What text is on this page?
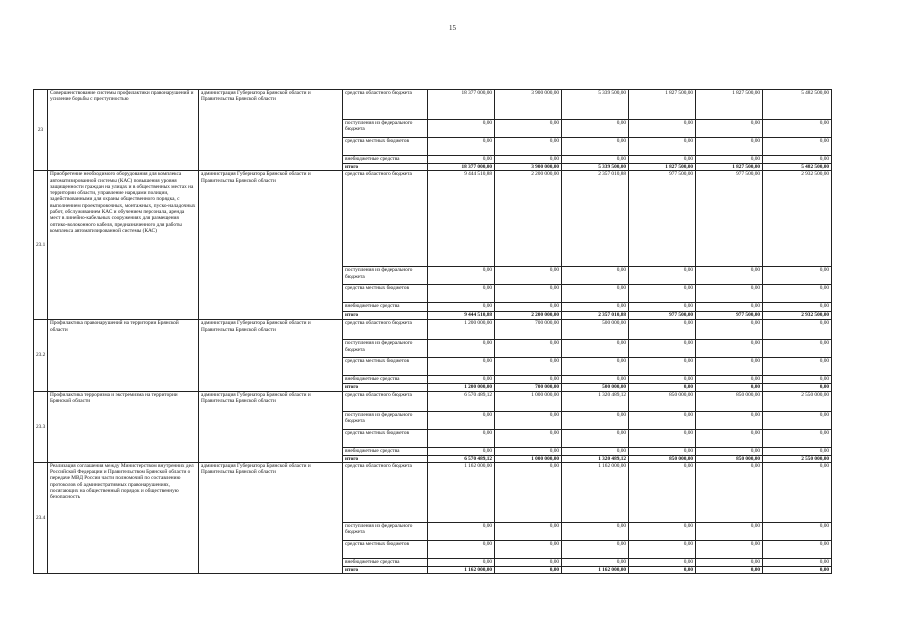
15
23	Совершенствование системы профилактики правонарушений и усиление борьбы с преступностью	администрация Губернатора Брянской области и Правительства Брянской области	средства областного бюджета	18 377 000,00	3 900 000,00	5 339 500,00	1 827 500,00	1 827 500,00	5 482 500,00
			поступления из федерального бюджета	0,00	0,00	0,00	0,00	0,00	0,00
			средства местных бюджетов	0,00	0,00	0,00	0,00	0,00	0,00
			внебюджетные средства	0,00	0,00	0,00	0,00	0,00	0,00
			итого	18 377 000,00	3 900 000,00	5 339 500,00	1 827 500,00	1 827 500,00	5 482 500,00
23.1	Приобретение необходимого оборудования для комплекса автоматизированной системы (КАС) повышения уровня защищенности граждан на улицах и в общественных местах на территории области, управление нарядами полиции, задействованными для охраны общественного порядка, с выполнением проектировочных, монтажных, пуско-наладочных работ, обслуживанием КАС и обучением персонала, аренда мест в линейно-кабельных сооружениях для размещения оптико-волоконного кабеля, предназначенного для работы комплекса автоматизированной системы (КАС)	администрация Губернатора Брянской области и Правительства Брянской области	средства областного бюджета	9 444 510,88	2 200 000,00	2 357 010,88	977 500,00	977 500,00	2 932 500,00
			поступления из федерального бюджета	0,00	0,00	0,00	0,00	0,00	0,00
			средства местных бюджетов	0,00	0,00	0,00	0,00	0,00	0,00
			внебюджетные средства	0,00	0,00	0,00	0,00	0,00	0,00
			итого	9 444 510,88	2 200 000,00	2 357 010,88	977 500,00	977 500,00	2 932 500,00
23.2	Профилактика правонарушений на территории Брянской области	администрация Губернатора Брянской области и Правительства Брянской области	средства областного бюджета	1 200 000,00	700 000,00	500 000,00	0,00	0,00	0,00
			поступления из федерального бюджета	0,00	0,00	0,00	0,00	0,00	0,00
			средства местных бюджетов	0,00	0,00	0,00	0,00	0,00	0,00
			внебюджетные средства	0,00	0,00	0,00	0,00	0,00	0,00
			итого	1 200 000,00	700 000,00	500 000,00	0,00	0,00	0,00
23.3	Профилактика терроризма и экстремизма на территории Брянской области	администрация Губернатора Брянской области и Правительства Брянской области	средства областного бюджета	6 570 489,12	1 000 000,00	1 320 489,12	850 000,00	850 000,00	2 550 000,00
			поступления из федерального бюджета	0,00	0,00	0,00	0,00	0,00	0,00
			средства местных бюджетов	0,00	0,00	0,00	0,00	0,00	0,00
			внебюджетные средства	0,00	0,00	0,00	0,00	0,00	0,00
			итого	6 570 489,12	1 000 000,00	1 320 489,12	850 000,00	850 000,00	2 550 000,00
23.4	Реализация соглашения между Министерством внутренних дел Российской Федерации и Правительством Брянской области о передаче МВД России части полномочий по составлению протоколов об административных правонарушениях, посягающих на общественный порядок и общественную безопасность	администрация Губернатора Брянской области и Правительства Брянской области	средства областного бюджета	1 162 000,00	0,00	1 162 000,00	0,00	0,00	0,00
			поступления из федерального бюджета	0,00	0,00	0,00	0,00	0,00	0,00
			средства местных бюджетов	0,00	0,00	0,00	0,00	0,00	0,00
			внебюджетные средства	0,00	0,00	0,00	0,00	0,00	0,00
			итого	1 162 000,00	0,00	1 162 000,00	0,00	0,00	0,00
